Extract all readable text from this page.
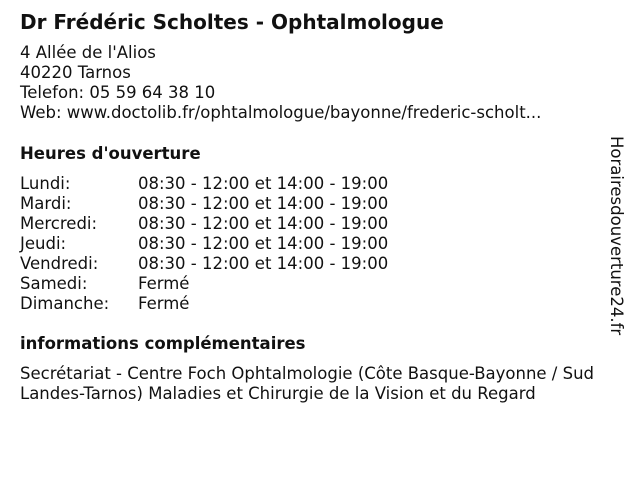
Dr Frédéric Scholtes - Ophtalmologue
4 Allée de l'Alios
40220 Tarnos
Telefon: 05 59 64 38 10
Web: www.doctolib.fr/ophtalmologue/bayonne/frederic-scholt...
Heures d'ouverture
Lundi:	08:30 - 12:00 et 14:00 - 19:00
Mardi:	08:30 - 12:00 et 14:00 - 19:00
Mercredi:	08:30 - 12:00 et 14:00 - 19:00
Jeudi:	08:30 - 12:00 et 14:00 - 19:00
Vendredi:	08:30 - 12:00 et 14:00 - 19:00
Samedi:	Fermé
Dimanche:	Fermé
informations complémentaires
Secrétariat - Centre Foch Ophtalmologie (Côte Basque-Bayonne / Sud Landes-Tarnos) Maladies et Chirurgie de la Vision et du Regard
Horairesdouverture24.fr
